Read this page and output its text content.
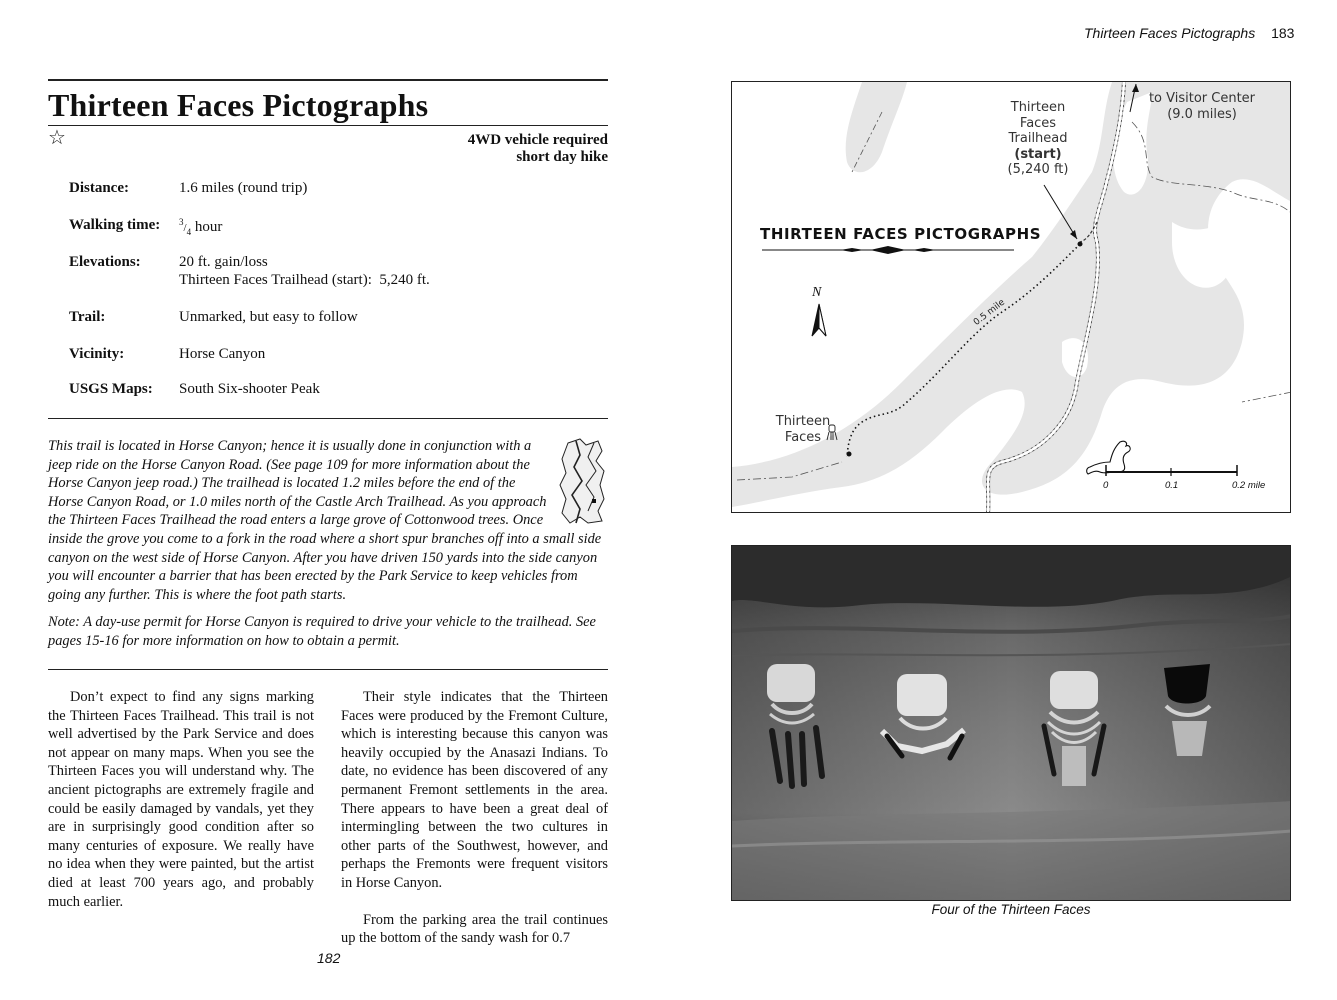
Thirteen Faces Pictographs 183
Thirteen Faces Pictographs
☆	4WD vehicle required
short day hike
Distance:	1.6 miles (round trip)
Walking time: $^3/_4$ hour
Elevations:	20 ft. gain/loss
Thirteen Faces Trailhead (start):  5,240 ft.
Trail:	Unmarked, but easy to follow
Vicinity:	Horse Canyon
USGS Maps: South Six-shooter Peak
This trail is located in Horse Canyon; hence it is usually done in conjunction with a jeep ride on the Horse Canyon Road. (See page 109 for more information about the Horse Canyon jeep road.) The trailhead is located 1.2 miles before the end of the Horse Canyon Road, or 1.0 miles north of the Castle Arch Trailhead. As you approach the Thirteen Faces Trailhead the road enters a large grove of Cottonwood trees. Once inside the grove you come to a fork in the road where a short spur branches off into a small side canyon on the west side of Horse Canyon. After you have driven 150 yards into the side canyon you will encounter a barrier that has been erected by the Park Service to keep vehicles from going any further. This is where the foot path starts.
Note: A day-use permit for Horse Canyon is required to drive your vehicle to the trailhead. See pages 15-16 for more information on how to obtain a permit.

Don’t expect to find any signs marking the Thirteen Faces Trailhead. This trail is not well advertised by the Park Service and does not appear on many maps. When you see the Thirteen Faces you will understand why. The ancient pictographs are extremely fragile and could be easily damaged by vandals, yet they are in surprisingly good condition after so many centuries of exposure. We really have no idea when they were painted, but the artist died at least 700 years ago, and probably much earlier.

Their style indicates that the Thirteen Faces were produced by the Fremont Culture, which is interesting because this canyon was heavily occupied by the Anasazi Indians. To date, no evidence has been discovered of any permanent Fremont settlements in the area. There appears to have been a great deal of intermingling between the two cultures in other parts of the Southwest, however, and perhaps the Fremonts were frequent visitors in Horse Canyon.

From the parking area the trail continues up the bottom of the sandy wash for 0.7

182
Thirteen
Faces
Trailhead
(start)
(5,240 ft)
to Visitor Center
(9.0 miles)
Thirteen
Faces
THIRTEEN FACES PICTOGRAPHS
N
0.5 mile
0	0.1	0.2 mile
Four of the Thirteen Faces
